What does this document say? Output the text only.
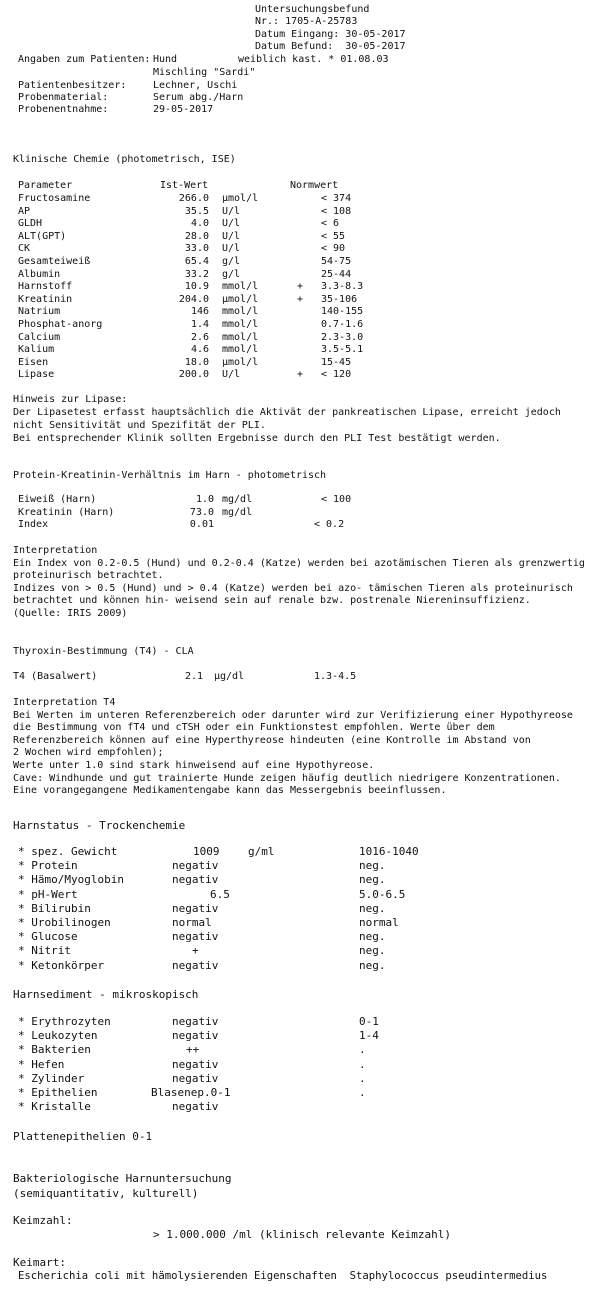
Untersuchungsbefund
Nr.: 1705-A-25783
Datum Eingang: 30-05-2017
Datum Befund:  30-05-2017
Angaben zum Patienten: Hund	weiblich kast. * 01.08.03
Mischling "Sardi"
Patientenbesitzer:	Lechner, Uschi
Probenmaterial:	Serum abg./Harn
Probenentnahme:	29-05-2017
Klinische Chemie (photometrisch, ISE)
Parameter	Ist-Wert	Normwert
Fructosamine	266.0 µmol/l	< 374
AP	35.5 U/l	< 108
GLDH	4.0 U/l	< 6
ALT(GPT)	28.0 U/l	< 55
CK	33.0 U/l	< 90
Gesamteiweiß	65.4 g/l	54-75
Albumin	33.2 g/l	25-44
Harnstoff	10.9 mmol/l	+ 3.3-8.3
Kreatinin	204.0 µmol/l	+ 35-106
Natrium	146 mmol/l	140-155
Phosphat-anorg	1.4 mmol/l	0.7-1.6
Calcium	2.6 mmol/l	2.3-3.0
Kalium	4.6 mmol/l	3.5-5.1
Eisen	18.0 µmol/l	15-45
Lipase	200.0 U/l	+ < 120
Hinweis zur Lipase:
Der Lipasetest erfasst hauptsächlich die Aktivät der pankreatischen Lipase, erreicht jedoch
nicht Sensitivität und Spezifität der PLI.
Bei entsprechender Klinik sollten Ergebnisse durch den PLI Test bestätigt werden.
Protein-Kreatinin-Verhältnis im Harn - photometrisch
Eiweiß (Harn)	1.0 mg/dl	< 100
Kreatinin (Harn)	73.0 mg/dl
Index	0.01	< 0.2
Interpretation
Ein Index von 0.2-0.5 (Hund) und 0.2-0.4 (Katze) werden bei azotämischen Tieren als grenzwertig
proteinurisch betrachtet.
Indizes von > 0.5 (Hund) und > 0.4 (Katze) werden bei azo- tämischen Tieren als proteinurisch
betrachtet und können hin- weisend sein auf renale bzw. postrenale Niereninsuffizienz.
(Quelle: IRIS 2009)
Thyroxin-Bestimmung (T4) - CLA
T4 (Basalwert)	2.1 µg/dl	1.3-4.5
Interpretation T4
Bei Werten im unteren Referenzbereich oder darunter wird zur Verifizierung einer Hypothyreose
die Bestimmung von fT4 und cTSH oder ein Funktionstest empfohlen. Werte über dem
Referenzbereich können auf eine Hyperthyreose hindeuten (eine Kontrolle im Abstand von
2 Wochen wird empfohlen);
Werte unter 1.0 sind stark hinweisend auf eine Hypothyreose.
Cave: Windhunde und gut trainierte Hunde zeigen häufig deutlich niedrigere Konzentrationen.
Eine vorangegangene Medikamentengabe kann das Messergebnis beeinflussen.
Harnstatus - Trockenchemie
* spez. Gewicht	1009	g/ml	1016-1040
* Protein	negativ	neg.
* Hämo/Myoglobin	negativ	neg.
* pH-Wert	6.5	5.0-6.5
* Bilirubin	negativ	neg.
* Urobilinogen	normal	normal
* Glucose	negativ	neg.
* Nitrit	+	neg.
* Ketonkörper	negativ	neg.
Harnsediment - mikroskopisch
* Erythrozyten	negativ	0-1
* Leukozyten	negativ	1-4
* Bakterien	++	.
* Hefen	negativ	.
* Zylinder	negativ	.
* Epithelien	Blasenep.0-1	.
* Kristalle	negativ
Plattenepithelien 0-1
Bakteriologische Harnuntersuchung
(semiquantitativ, kulturell)
Keimzahl:
> 1.000.000 /ml (klinisch relevante Keimzahl)
Keimart:
Escherichia coli mit hämolysierenden Eigenschaften  Staphylococcus pseudintermedius
